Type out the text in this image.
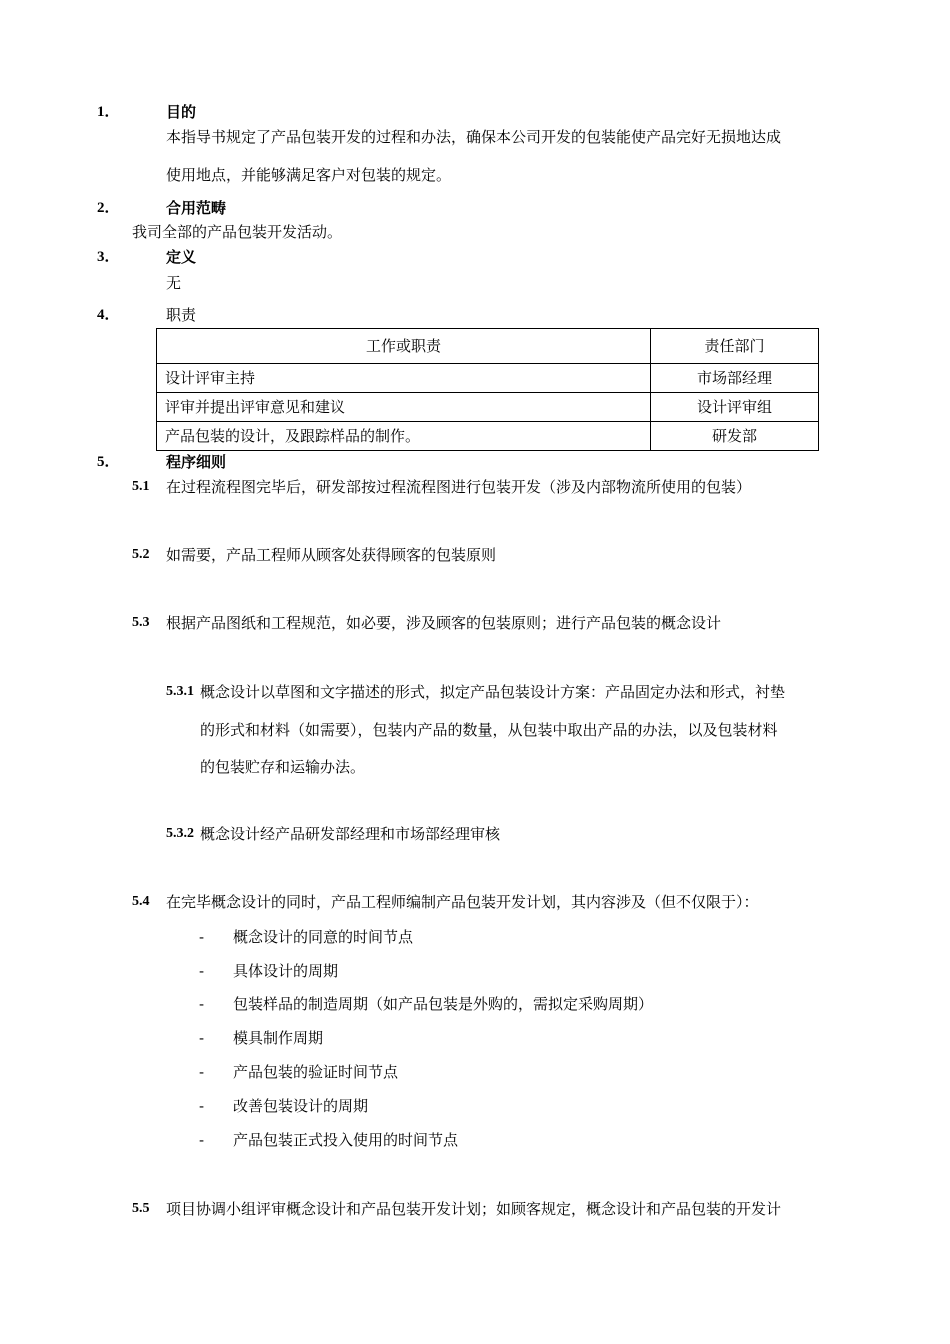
1．	目的
本指导书规定了产品包装开发的过程和办法，确保本公司开发的包装能使产品完好无损地达成
使用地点，并能够满足客户对包装的规定。
2．	合用范畴
我司全部的产品包装开发活动。
3．	定义
无
4．	职责
工作或职责	责任部门
设计评审主持	市场部经理
评审并提出评审意见和建议	设计评审组
产品包装的设计，及跟踪样品的制作。	研发部
5．	程序细则
5.1 在过程流程图完毕后，研发部按过程流程图进行包装开发（涉及内部物流所使用的包装）
5.2 如需要，产品工程师从顾客处获得顾客的包装原则
5.3 根据产品图纸和工程规范，如必要，涉及顾客的包装原则；进行产品包装的概念设计
5.3.1 概念设计以草图和文字描述的形式，拟定产品包装设计方案：产品固定办法和形式，衬垫
的形式和材料（如需要），包装内产品的数量，从包装中取出产品的办法，以及包装材料
的包装贮存和运输办法。
5.3.2 概念设计经产品研发部经理和市场部经理审核
5.4 在完毕概念设计的同时，产品工程师编制产品包装开发计划，其内容涉及（但不仅限于）：
- 概念设计的同意的时间节点
- 具体设计的周期
- 包装样品的制造周期（如产品包装是外购的，需拟定采购周期）
- 模具制作周期
- 产品包装的验证时间节点
- 改善包装设计的周期
- 产品包装正式投入使用的时间节点
5.5 项目协调小组评审概念设计和产品包装开发计划；如顾客规定，概念设计和产品包装的开发计
